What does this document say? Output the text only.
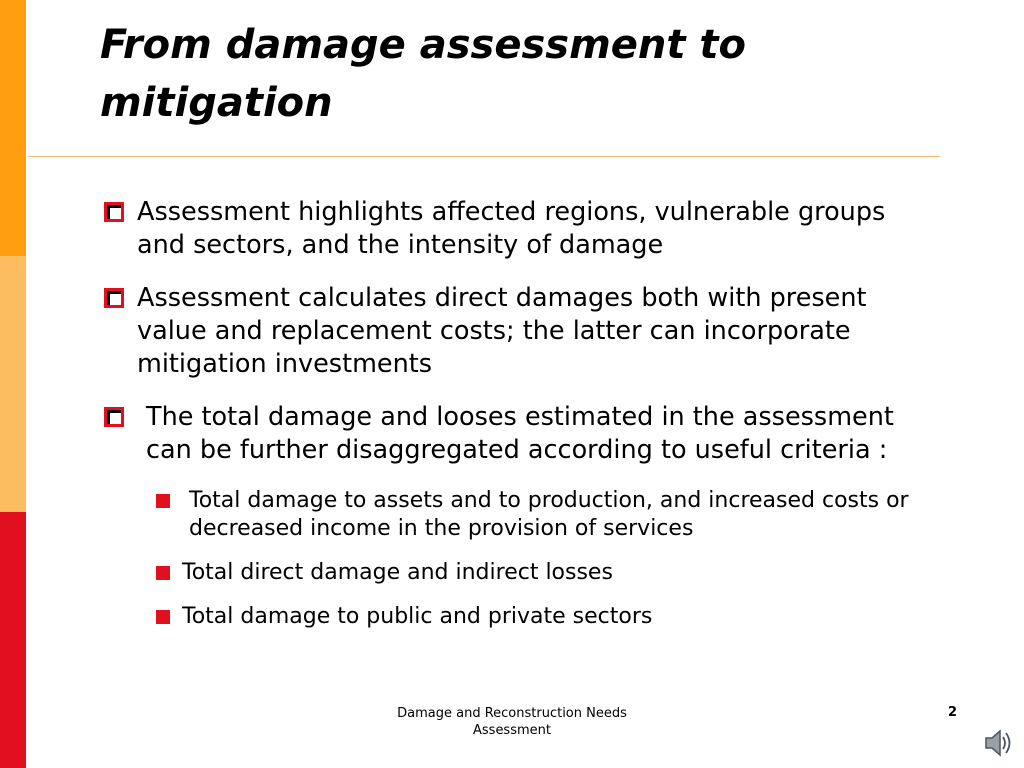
From damage assessment to mitigation
Assessment highlights affected regions, vulnerable groups and sectors, and the intensity of damage
Assessment calculates direct damages both with present value and replacement costs; the latter can incorporate mitigation investments
The total damage and looses estimated in the assessment can be further disaggregated according to useful criteria :
Total damage to assets and to production, and increased costs or decreased income in the provision of services
Total direct damage and indirect losses
Total damage to public and private sectors
Damage and Reconstruction Needs Assessment
2
